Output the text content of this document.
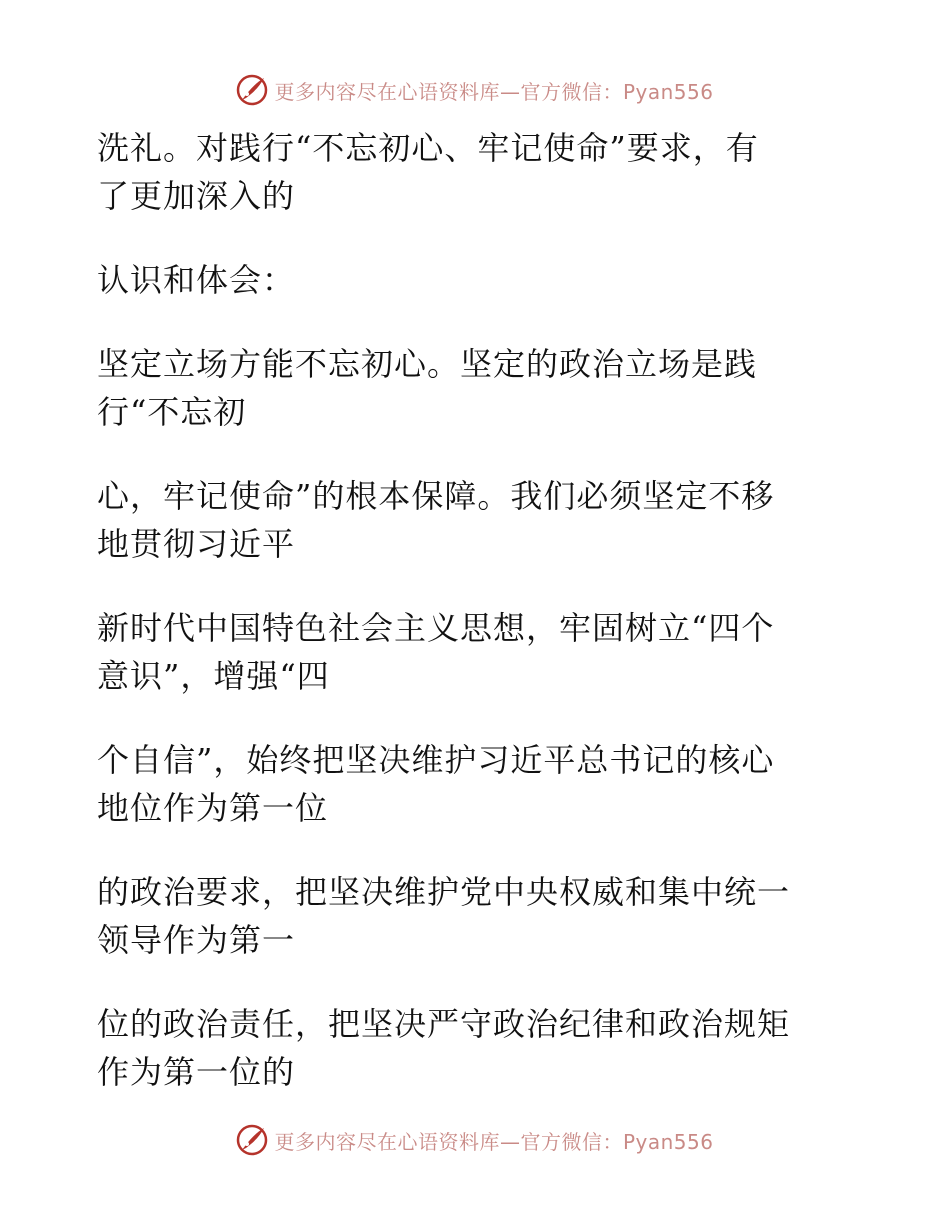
更多内容尽在心语资料库—官方微信：Pyan556

洗礼。对践行“不忘初心、牢记使命”要求，有
了更加深入的

认识和体会：

坚定立场方能不忘初心。坚定的政治立场是践
行“不忘初

心，牢记使命”的根本保障。我们必须坚定不移
地贯彻习近平

新时代中国特色社会主义思想，牢固树立“四个
意识”，增强“四

个自信”，始终把坚决维护习近平总书记的核心
地位作为第一位

的政治要求，把坚决维护党中央权威和集中统一
领导作为第一

位的政治责任，把坚决严守政治纪律和政治规矩
作为第一位的

更多内容尽在心语资料库—官方微信：Pyan556
